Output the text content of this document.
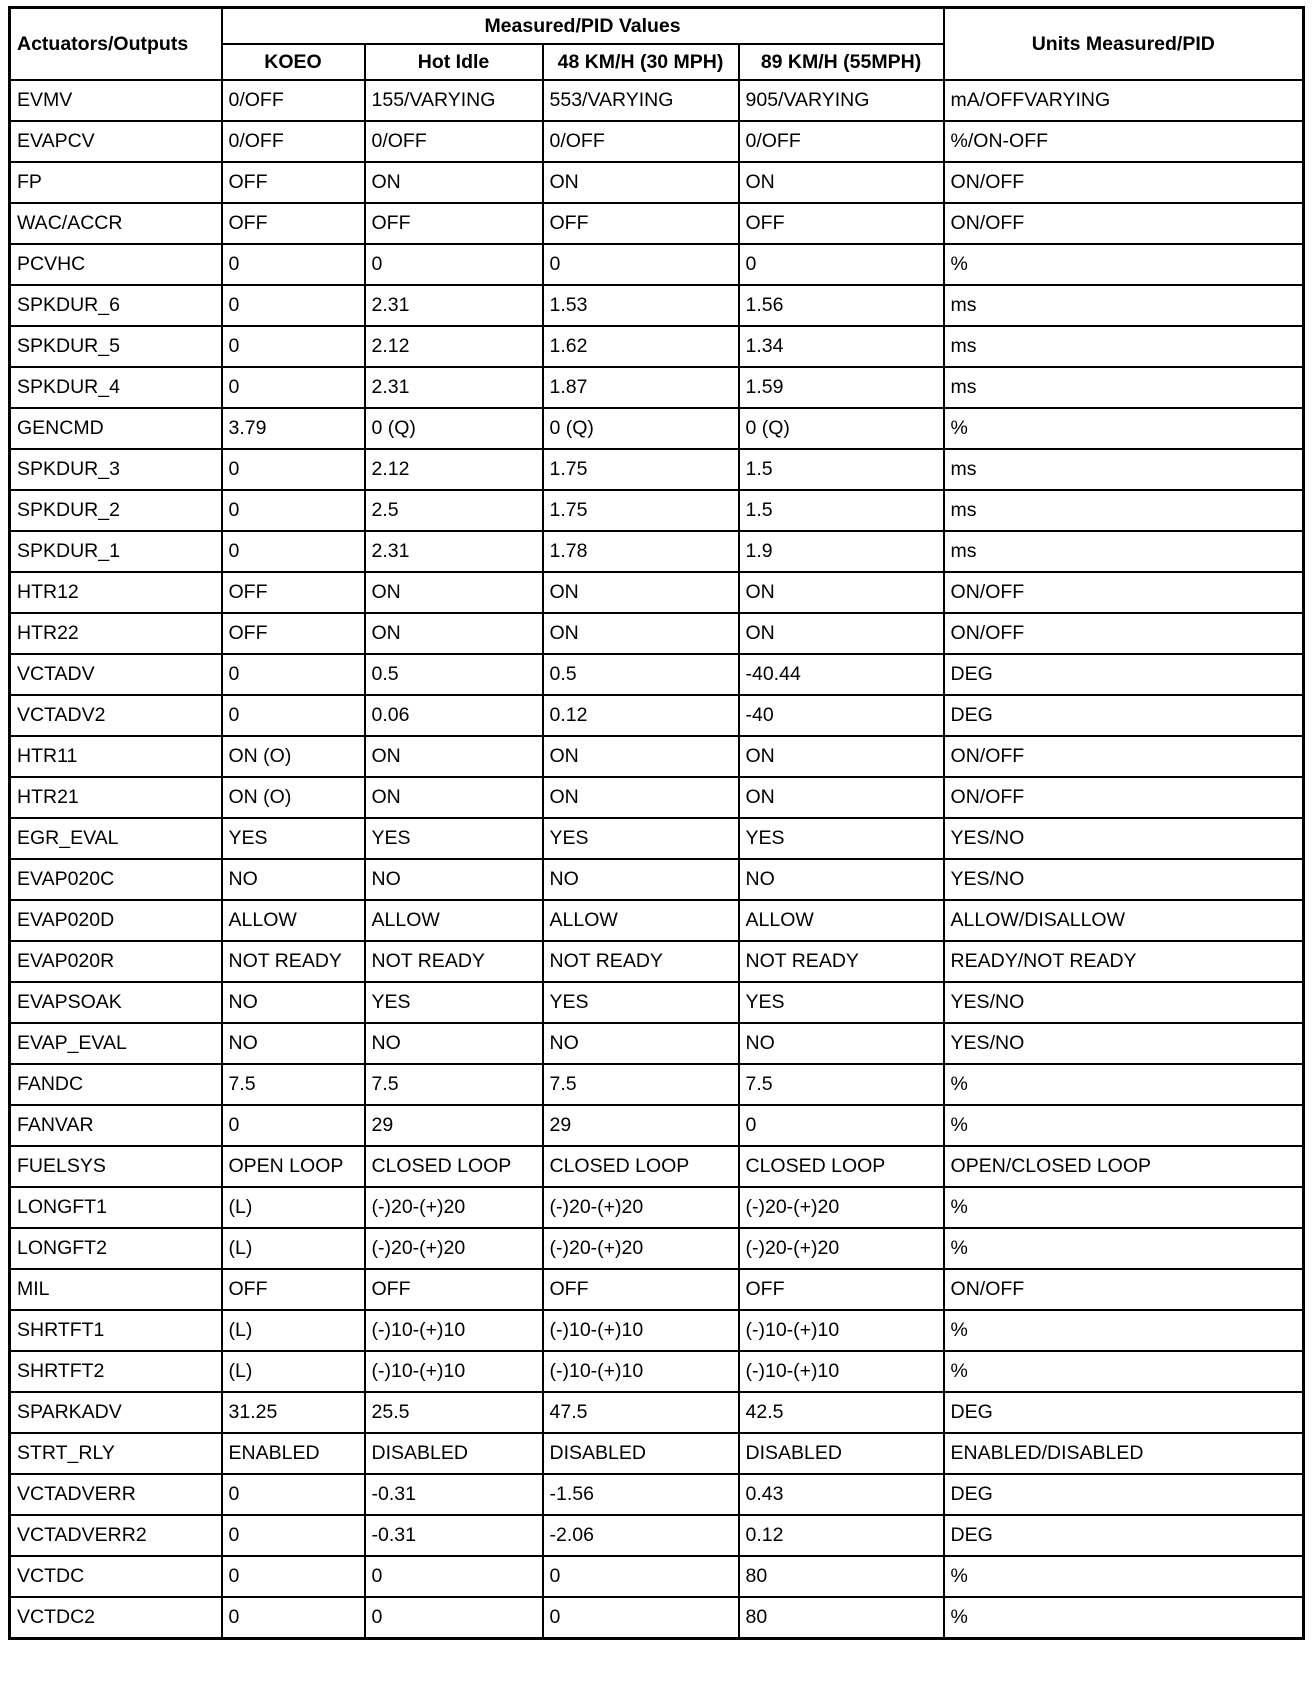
Actuators/Outputs	Measured/PID Values				Units Measured/PID
	KOEO	Hot Idle	48 KM/H (30 MPH)	89 KM/H (55MPH)	
EVMV	0/OFF	155/VARYING	553/VARYING	905/VARYING	mA/OFFVARYING
EVAPCV	0/OFF	0/OFF	0/OFF	0/OFF	%/ON-OFF
FP	OFF	ON	ON	ON	ON/OFF
WAC/ACCR	OFF	OFF	OFF	OFF	ON/OFF
PCVHC	0	0	0	0	%
SPKDUR_6	0	2.31	1.53	1.56	ms
SPKDUR_5	0	2.12	1.62	1.34	ms
SPKDUR_4	0	2.31	1.87	1.59	ms
GENCMD	3.79	0 (Q)	0 (Q)	0 (Q)	%
SPKDUR_3	0	2.12	1.75	1.5	ms
SPKDUR_2	0	2.5	1.75	1.5	ms
SPKDUR_1	0	2.31	1.78	1.9	ms
HTR12	OFF	ON	ON	ON	ON/OFF
HTR22	OFF	ON	ON	ON	ON/OFF
VCTADV	0	0.5	0.5	-40.44	DEG
VCTADV2	0	0.06	0.12	-40	DEG
HTR11	ON (O)	ON	ON	ON	ON/OFF
HTR21	ON (O)	ON	ON	ON	ON/OFF
EGR_EVAL	YES	YES	YES	YES	YES/NO
EVAP020C	NO	NO	NO	NO	YES/NO
EVAP020D	ALLOW	ALLOW	ALLOW	ALLOW	ALLOW/DISALLOW
EVAP020R	NOT READY	NOT READY	NOT READY	NOT READY	READY/NOT READY
EVAPSOAK	NO	YES	YES	YES	YES/NO
EVAP_EVAL	NO	NO	NO	NO	YES/NO
FANDC	7.5	7.5	7.5	7.5	%
FANVAR	0	29	29	0	%
FUELSYS	OPEN LOOP	CLOSED LOOP	CLOSED LOOP	CLOSED LOOP	OPEN/CLOSED LOOP
LONGFT1	(L)	(-)20-(+)20	(-)20-(+)20	(-)20-(+)20	%
LONGFT2	(L)	(-)20-(+)20	(-)20-(+)20	(-)20-(+)20	%
MIL	OFF	OFF	OFF	OFF	ON/OFF
SHRTFT1	(L)	(-)10-(+)10	(-)10-(+)10	(-)10-(+)10	%
SHRTFT2	(L)	(-)10-(+)10	(-)10-(+)10	(-)10-(+)10	%
SPARKADV	31.25	25.5	47.5	42.5	DEG
STRT_RLY	ENABLED	DISABLED	DISABLED	DISABLED	ENABLED/DISABLED
VCTADVERR	0	-0.31	-1.56	0.43	DEG
VCTADVERR2	0	-0.31	-2.06	0.12	DEG
VCTDC	0	0	0	80	%
VCTDC2	0	0	0	80	%
